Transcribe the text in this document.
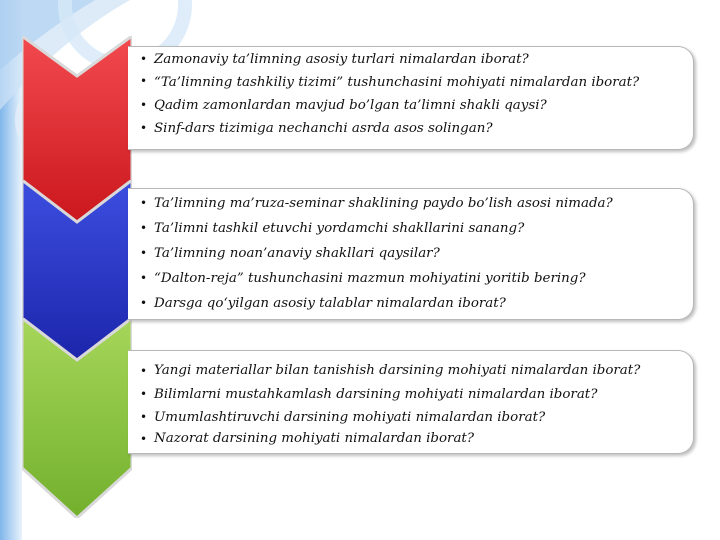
• Zamonaviy ta’limning asosiy turlari nimalardan iborat?
• “Ta’limning tashkiliy tizimi” tushunchasini mohiyati nimalardan iborat?
• Qadim zamonlardan mavjud bo’lgan ta’limni shakli qaysi?
• Sinf-dars tizimiga nechanchi asrda asos solingan?
• Ta’limning ma’ruza-seminar shaklining paydo bo’lish asosi nimada?
• Ta’limni tashkil etuvchi yordamchi shakllarini sanang?
• Ta’limning noan’anaviy shakllari qaysilar?
• “Dalton-reja” tushunchasini mazmun mohiyatini yoritib bering?
• Darsga qo‘yilgan asosiy talablar nimalardan iborat?
• Yangi materiallar bilan tanishish darsining mohiyati nimalardan iborat?
• Bilimlarni mustahkamlash darsining mohiyati nimalardan iborat?
• Umumlashtiruvchi darsining mohiyati nimalardan iborat?
• Nazorat darsining mohiyati nimalardan iborat?
